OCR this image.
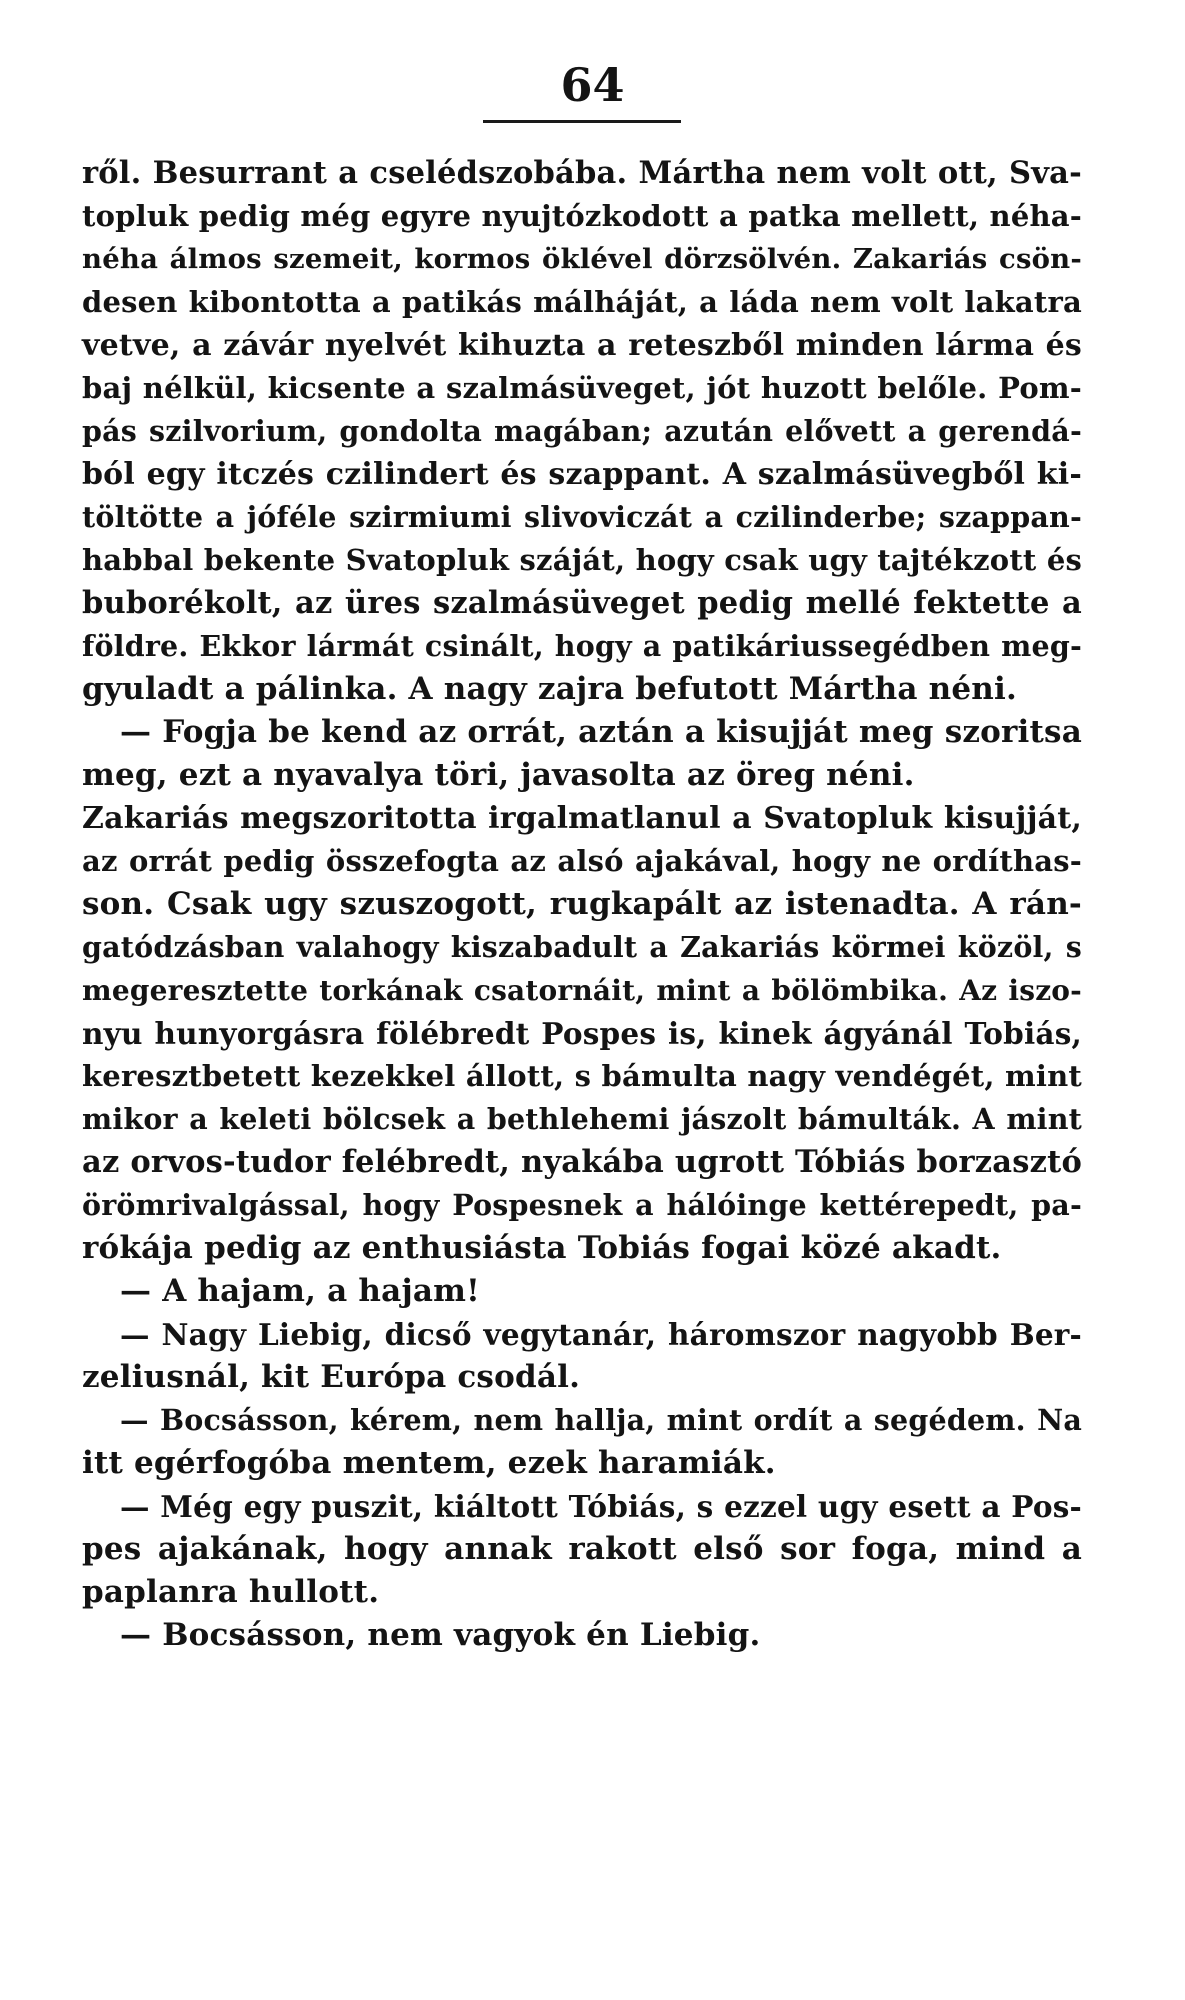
64
ről. Besurrant a cselédszobába. Mártha nem volt ott, Sva-
topluk pedig még egyre nyujtózkodott a patka mellett, néha-
néha álmos szemeit, kormos öklével dörzsölvén. Zakariás csön-
desen kibontotta a patikás málháját, a láda nem volt lakatra
vetve, a závár nyelvét kihuzta a reteszből minden lárma és
baj nélkül, kicsente a szalmásüveget, jót huzott belőle. Pom-
pás szilvorium, gondolta magában; azután elővett a gerendá-
ból egy itczés czilindert és szappant. A szalmásüvegből ki-
töltötte a jóféle szirmiumi slivoviczát a czilinderbe; szappan-
habbal bekente Svatopluk száját, hogy csak ugy tajtékzott és
buborékolt, az üres szalmásüveget pedig mellé fektette a
földre. Ekkor lármát csinált, hogy a patikáriussegédben meg-
gyuladt a pálinka. A nagy zajra befutott Mártha néni.
— Fogja be kend az orrát, aztán a kisujját meg szoritsa
meg, ezt a nyavalya töri, javasolta az öreg néni.
Zakariás megszoritotta irgalmatlanul a Svatopluk kisujját,
az orrát pedig összefogta az alsó ajakával, hogy ne ordíthas-
son. Csak ugy szuszogott, rugkapált az istenadta. A rán-
gatódzásban valahogy kiszabadult a Zakariás körmei közöl, s
megeresztette torkának csatornáit, mint a bölömbika. Az iszo-
nyu hunyorgásra fölébredt Pospes is, kinek ágyánál Tobiás,
keresztbetett kezekkel állott, s bámulta nagy vendégét, mint
mikor a keleti bölcsek a bethlehemi jászolt bámulták. A mint
az orvos-tudor felébredt, nyakába ugrott Tóbiás borzasztó
örömrivalgással, hogy Pospesnek a hálóinge kettérepedt, pa-
rókája pedig az enthusiásta Tobiás fogai közé akadt.
— A hajam, a hajam!
— Nagy Liebig, dicső vegytanár, háromszor nagyobb Ber-
zeliusnál, kit Európa csodál.
— Bocsásson, kérem, nem hallja, mint ordít a segédem. Na
itt egérfogóba mentem, ezek haramiák.
— Még egy puszit, kiáltott Tóbiás, s ezzel ugy esett a Pos-
pes ajakának, hogy annak rakott első sor foga, mind a
paplanra hullott.
— Bocsásson, nem vagyok én Liebig.
